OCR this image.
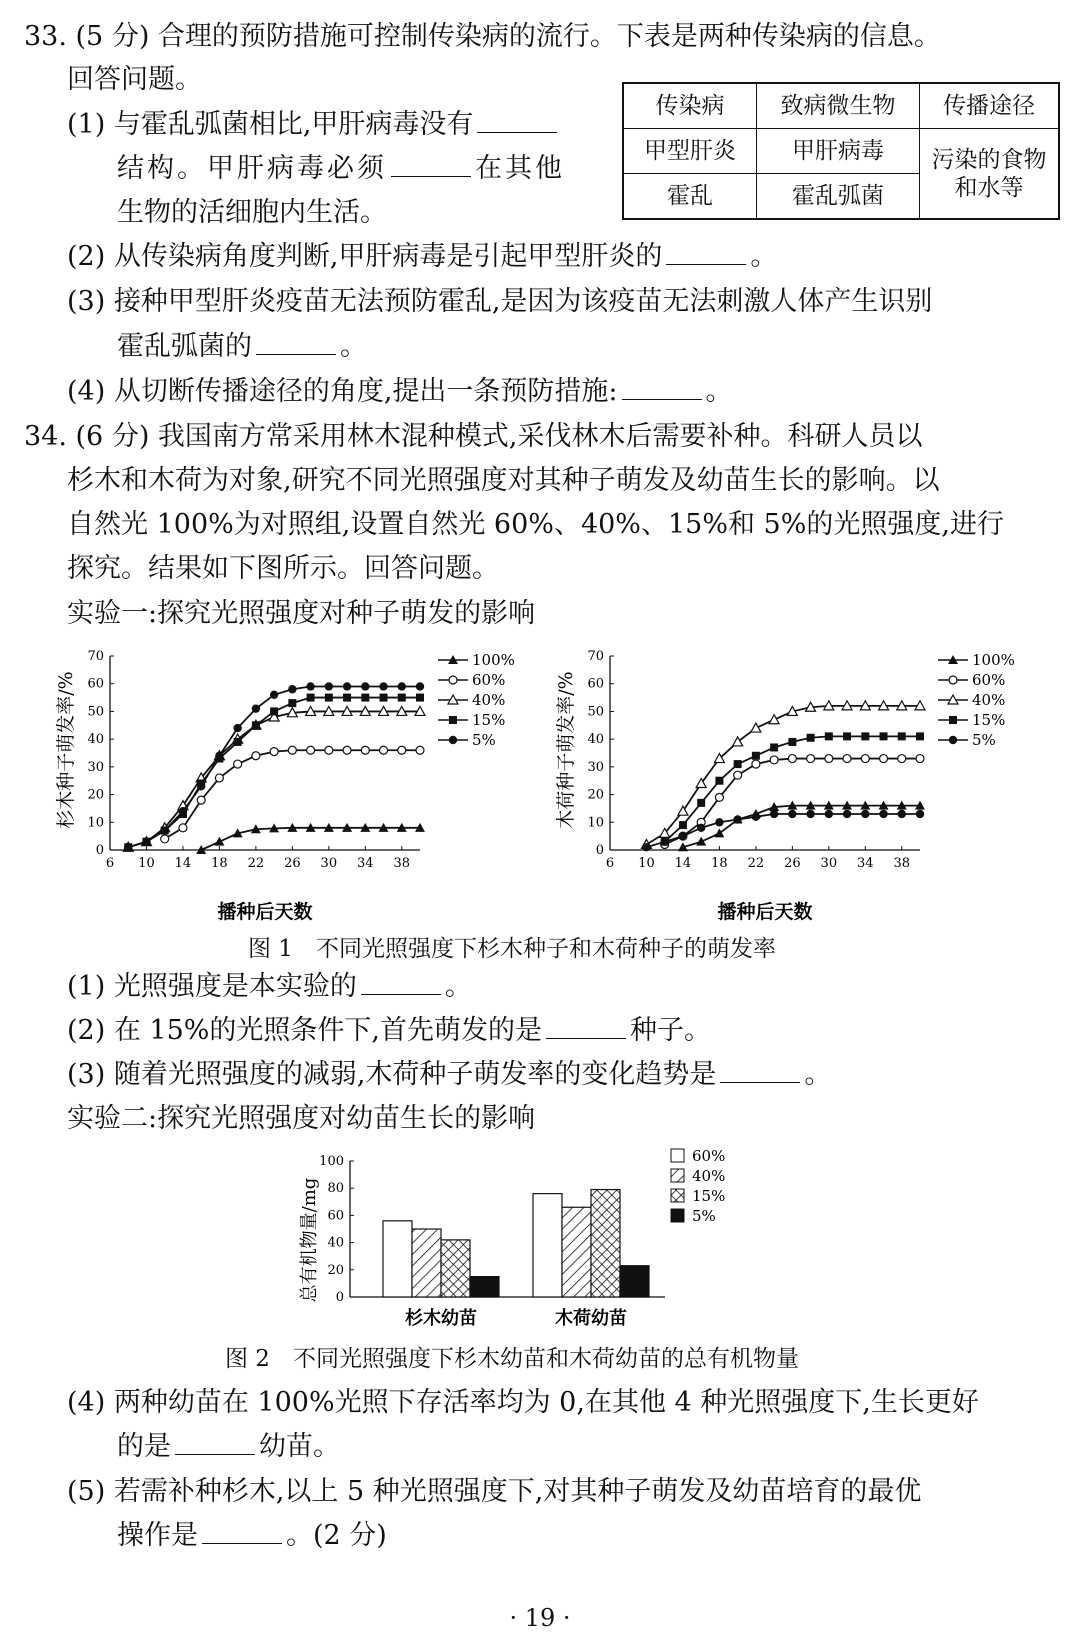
33. (5 分) 合理的预防措施可控制传染病的流行。下表是两种传染病的信息。
回答问题。
传染病	致病微生物	传播途径
甲型肝炎	甲肝病毒	污染的食物和水等
霍乱	霍乱弧菌	
(1) 与霍乱弧菌相比,甲肝病毒没有
结构。甲肝病毒必须	在其他
生物的活细胞内生活。
(2) 从传染病角度判断,甲肝病毒是引起甲型肝炎的	。
(3) 接种甲型肝炎疫苗无法预防霍乱,是因为该疫苗无法刺激人体产生识别
霍乱弧菌的	。
(4) 从切断传播途径的角度,提出一条预防措施:	。
34. (6 分) 我国南方常采用林木混种模式,采伐林木后需要补种。科研人员以
杉木和木荷为对象,研究不同光照强度对其种子萌发及幼苗生长的影响。以
自然光 100%为对照组,设置自然光 60%、40%、15%和 5%的光照强度,进行
探究。结果如下图所示。回答问题。
实验一:探究光照强度对种子萌发的影响
杉木种子萌发率/%
播种后天数
0
10
20
30
40
50
60
70
6 10 14 18 22 26 30 34 38
100%
60%
40%
15%
5%	木荷种子萌发率/%
播种后天数
0
10
20
30
40
50
60
70
6 10 14 18 22 26 30 34 38
100%
60%
40%
15%
5%
图 1　不同光照强度下杉木种子和木荷种子的萌发率
(1) 光照强度是本实验的	。
(2) 在 15%的光照条件下,首先萌发的是	种子。
(3) 随着光照强度的减弱,木荷种子萌发率的变化趋势是	。
实验二:探究光照强度对幼苗生长的影响
总有机物量/mg 0
20
40
60
80
100
杉木幼苗	木荷幼苗
60%
40%
15%
5%
图 2　不同光照强度下杉木幼苗和木荷幼苗的总有机物量
(4) 两种幼苗在 100%光照下存活率均为 0,在其他 4 种光照强度下,生长更好
的是	幼苗。
(5) 若需补种杉木,以上 5 种光照强度下,对其种子萌发及幼苗培育的最优
操作是	。(2 分)
· 19 ·
